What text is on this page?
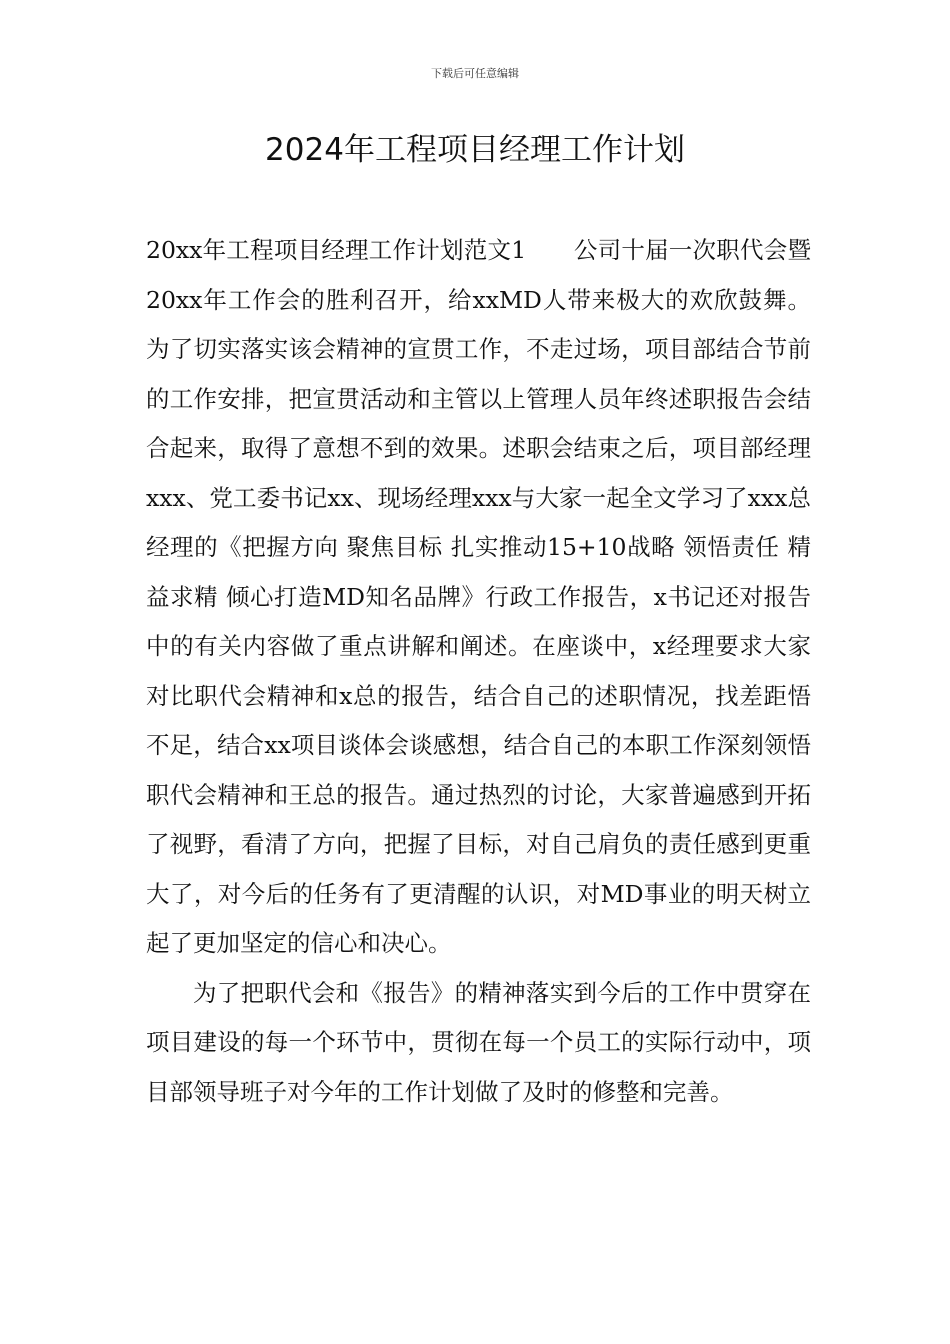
下载后可任意编辑
2024年工程项目经理工作计划

20xx年工程项目经理工作计划范文1　　公司十届一次职代会暨20xx年工作会的胜利召开，给xxMD人带来极大的欢欣鼓舞。为了切实落实该会精神的宣贯工作，不走过场，项目部结合节前的工作安排，把宣贯活动和主管以上管理人员年终述职报告会结合起来，取得了意想不到的效果。述职会结束之后，项目部经理xxx、党工委书记xx、现场经理xxx与大家一起全文学习了xxx总经理的《把握方向 聚焦目标 扎实推动15+10战略 领悟责任 精益求精 倾心打造MD知名品牌》行政工作报告，x书记还对报告中的有关内容做了重点讲解和阐述。在座谈中，x经理要求大家对比职代会精神和x总的报告，结合自己的述职情况，找差距悟不足，结合xx项目谈体会谈感想，结合自己的本职工作深刻领悟职代会精神和王总的报告。通过热烈的讨论，大家普遍感到开拓了视野，看清了方向，把握了目标，对自己肩负的责任感到更重大了，对今后的任务有了更清醒的认识，对MD事业的明天树立起了更加坚定的信心和决心。

为了把职代会和《报告》的精神落实到今后的工作中贯穿在项目建设的每一个环节中，贯彻在每一个员工的实际行动中，项目部领导班子对今年的工作计划做了及时的修整和完善。
